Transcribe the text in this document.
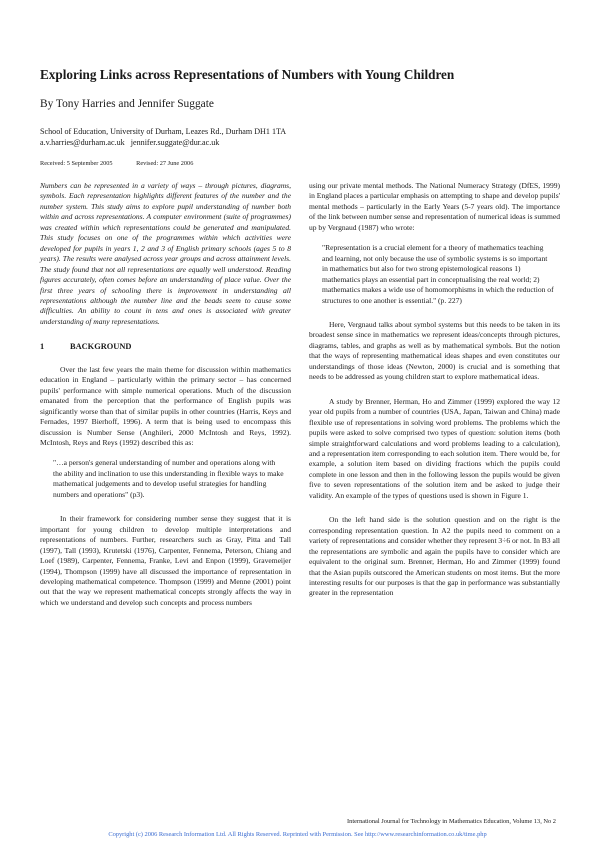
Exploring Links across Representations of Numbers with Young Children
By Tony Harries and Jennifer Suggate
School of Education, University of Durham, Leazes Rd., Durham DH1 1TA
a.v.harries@durham.ac.uk   jennifer.suggate@dur.ac.uk
Received: 5 September 2005	Revised: 27 June 2006

Numbers can be represented in a variety of ways – through pictures, diagrams, symbols. Each representation highlights different features of the number and the number system. This study aims to explore pupil understanding of number both within and across representations. A computer environment (suite of programmes) was created within which representations could be generated and manipulated. This study focuses on one of the programmes within which activities were developed for pupils in years 1, 2 and 3 of English primary schools (ages 5 to 8 years). The results were analysed across year groups and across attainment levels. The study found that not all representations are equally well understood. Reading figures accurately, often comes before an understanding of place value. Over the first three years of schooling there is improvement in understanding all representations although the number line and the beads seem to cause some difficulties. An ability to count in tens and ones is associated with greater understanding of many representations.

1	BACKGROUND

Over the last few years the main theme for discussion within mathematics education in England – particularly within the primary sector – has concerned pupils' performance with simple numerical operations. Much of the discussion emanated from the perception that the performance of English pupils was significantly worse than that of similar pupils in other countries (Harris, Keys and Fernades, 1997 Bierhoff, 1996). A term that is being used to encompass this discussion is Number Sense (Anghileri, 2000 McIntosh and Reys, 1992). McIntosh, Reys and Reys (1992) described this as:

"…a person's general understanding of number and operations along with the ability and inclination to use this understanding in flexible ways to make mathematical judgements and to develop useful strategies for handling numbers and operations" (p3).

In their framework for considering number sense they suggest that it is important for young children to develop multiple interpretations and representations of numbers. Further, researchers such as Gray, Pitta and Tall (1997), Tall (1993), Krutetski (1976), Carpenter, Fennema, Peterson, Chiang and Loef (1989), Carpenter, Fennema, Franke, Levi and Enpon (1999), Gravemeijer (1994), Thompson (1999) have all discussed the importance of representation in developing mathematical competence. Thompson (1999) and Menne (2001) point out that the way we represent mathematical concepts strongly affects the way in which we understand and develop such concepts and process numbers

using our private mental methods. The National Numeracy Strategy (DfES, 1999) in England places a particular emphasis on attempting to shape and develop pupils' mental methods – particularly in the Early Years (5-7 years old). The importance of the link between number sense and representation of numerical ideas is summed up by Vergnaud (1987) who wrote:

"Representation is a crucial element for a theory of mathematics teaching and learning, not only because the use of symbolic systems is so important in mathematics but also for two strong epistemological reasons 1) mathematics plays an essential part in conceptualising the real world; 2) mathematics makes a wide use of homomorphisms in which the reduction of structures to one another is essential." (p. 227)

Here, Vergnaud talks about symbol systems but this needs to be taken in its broadest sense since in mathematics we represent ideas/concepts through pictures, diagrams, tables, and graphs as well as by mathematical symbols. But the notion that the ways of representing mathematical ideas shapes and even constitutes our understandings of those ideas (Newton, 2000) is crucial and is something that needs to be addressed as young children start to explore mathematical ideas.

A study by Brenner, Herman, Ho and Zimmer (1999) explored the way 12 year old pupils from a number of countries (USA, Japan, Taiwan and China) made flexible use of representations in solving word problems. The problems which the pupils were asked to solve comprised two types of question: solution items (both simple straightforward calculations and word problems leading to a calculation), and a representation item corresponding to each solution item. There would be, for example, a solution item based on dividing fractions which the pupils could complete in one lesson and then in the following lesson the pupils would be given five to seven representations of the solution item and be asked to judge their validity. An example of the types of questions used is shown in Figure 1.

On the left hand side is the solution question and on the right is the corresponding representation question. In A2 the pupils need to comment on a variety of representations and consider whether they represent 3÷6 or not. In B3 all the representations are symbolic and again the pupils have to consider which are equivalent to the original sum. Brenner, Herman, Ho and Zimmer (1999) found that the Asian pupils outscored the American students on most items. But the more interesting results for our purposes is that the gap in performance was substantially greater in the representation

International Journal for Technology in Mathematics Education, Volume 13, No 2
Copyright (c) 2006 Research Information Ltd. All Rights Reserved. Reprinted with Permission. See http://www.researchinformation.co.uk/time.php
